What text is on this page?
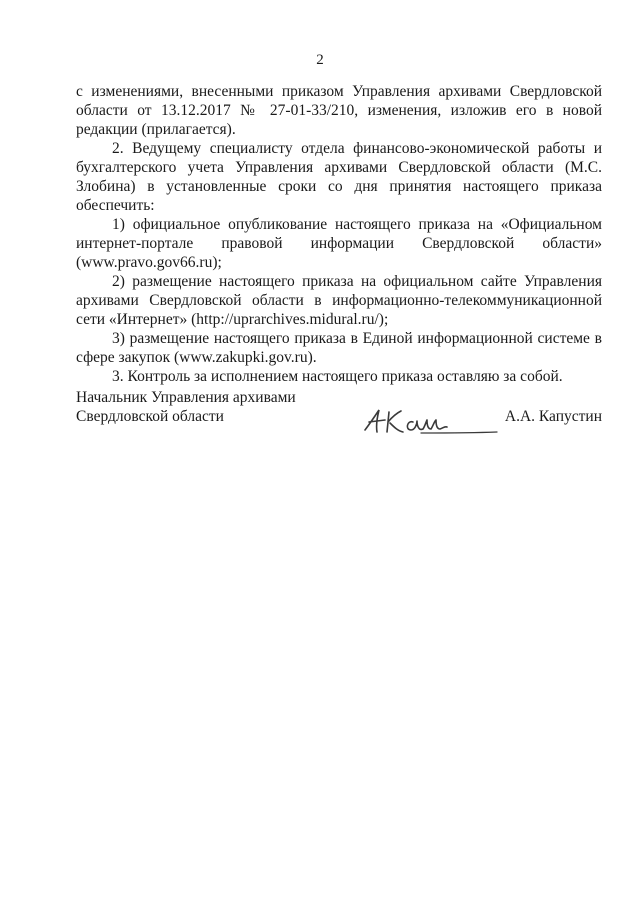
2

с изменениями, внесенными приказом Управления архивами Свердловской области от 13.12.2017 № 27-01-33/210, изменения, изложив его в новой редакции (прилагается).

2. Ведущему специалисту отдела финансово-экономической работы и бухгалтерского учета Управления архивами Свердловской области (М.С. Злобина) в установленные сроки со дня принятия настоящего приказа обеспечить:

1) официальное опубликование настоящего приказа на «Официальном интернет-портале правовой информации Свердловской области» (www.pravo.gov66.ru);

2) размещение настоящего приказа на официальном сайте Управления архивами Свердловской области в информационно-телекоммуникационной сети «Интернет» (http://uprarchives.midural.ru/);

3) размещение настоящего приказа в Единой информационной системе в сфере закупок (www.zakupki.gov.ru).

3. Контроль за исполнением настоящего приказа оставляю за собой.

Начальник Управления архивами
Свердловской области	А.А. Капустин
